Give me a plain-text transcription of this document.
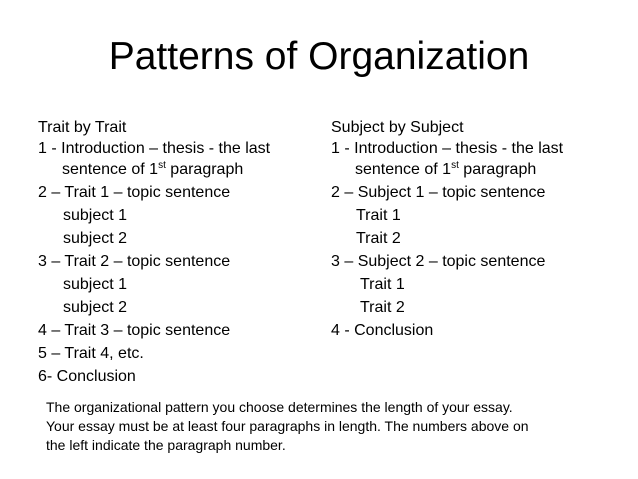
Patterns of Organization
Trait by Trait
1 - Introduction – thesis - the last
sentence of 1st paragraph
2 – Trait 1 – topic sentence
subject 1
subject 2
3 – Trait 2 – topic sentence
subject 1
subject 2
4 – Trait 3 – topic sentence
5 – Trait 4, etc.
6- Conclusion
Subject by Subject
1 - Introduction – thesis - the last
sentence of 1st paragraph
2 – Subject 1 – topic sentence
Trait 1
Trait 2
3 – Subject 2 – topic sentence
Trait 1
Trait 2
4 - Conclusion
The organizational pattern you choose determines the length of your essay.
Your essay must be at least four paragraphs in length. The numbers above on
the left indicate the paragraph number.
